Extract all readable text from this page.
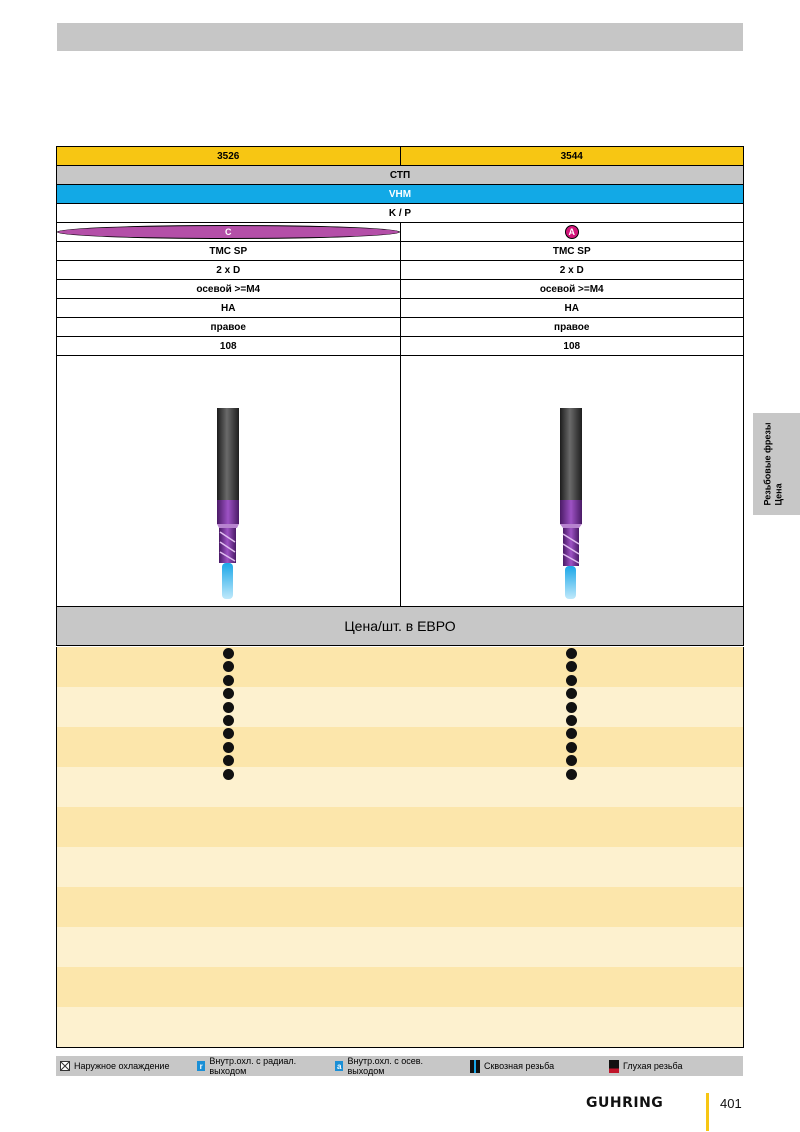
3526	3544
СТП
VHM
K / P
C	A
TMC SP	TMC SP
2 x D	2 x D
осевой >=M4	осевой >=M4
НА	НА
правое	правое
108	108
Цена/шт. в ЕВРО
Наружное охлаждение	r Внутр.охл. с радиал. выходом	a Внутр.охл. с осев. выходом	Сквозная резьба	Глухая резьба
Резьбовые фрезы Цена
GUHRING	401
